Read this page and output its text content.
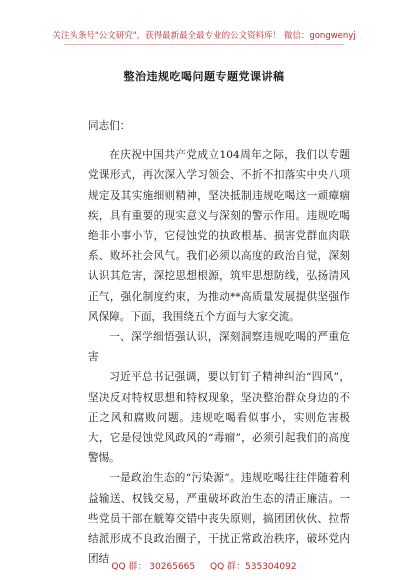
关注头条号"公文研究"，获得最新最全最专业的公文资料库！ 微信：gongwenyj
整治违规吃喝问题专题党课讲稿

同志们：

在庆祝中国共产党成立104周年之际，我们以专题党课形式，再次深入学习领会、不折不扣落实中央八项规定及其实施细则精神，坚决抵制违规吃喝这一顽瘴痼疾，具有重要的现实意义与深刻的警示作用。违规吃喝绝非小事小节，它侵蚀党的执政根基、损害党群血肉联系、败坏社会风气。我们必须以高度的政治自觉，深刻认识其危害，深挖思想根源，筑牢思想防线，弘扬清风正气，强化制度约束，为推动**高质量发展提供坚强作风保障。下面，我围绕五个方面与大家交流。

一、深学细悟强认识，深刻洞察违规吃喝的严重危害

习近平总书记强调，要以钉钉子精神纠治“四风”，坚决反对特权思想和特权现象，坚决整治群众身边的不正之风和腐败问题。违规吃喝看似事小，实则危害极大，它是侵蚀党风政风的“毒瘤”，必须引起我们的高度警惕。

一是政治生态的“污染源”。违规吃喝往往伴随着利益输送、权钱交易，严重破坏政治生态的清正廉洁。一些党员干部在觥筹交错中丧失原则，搞团团伙伙、拉帮结派形成不良政治圈子，干扰正常政治秩序，破坏党内团结

QQ 群： 30265665 QQ 群：535304092
